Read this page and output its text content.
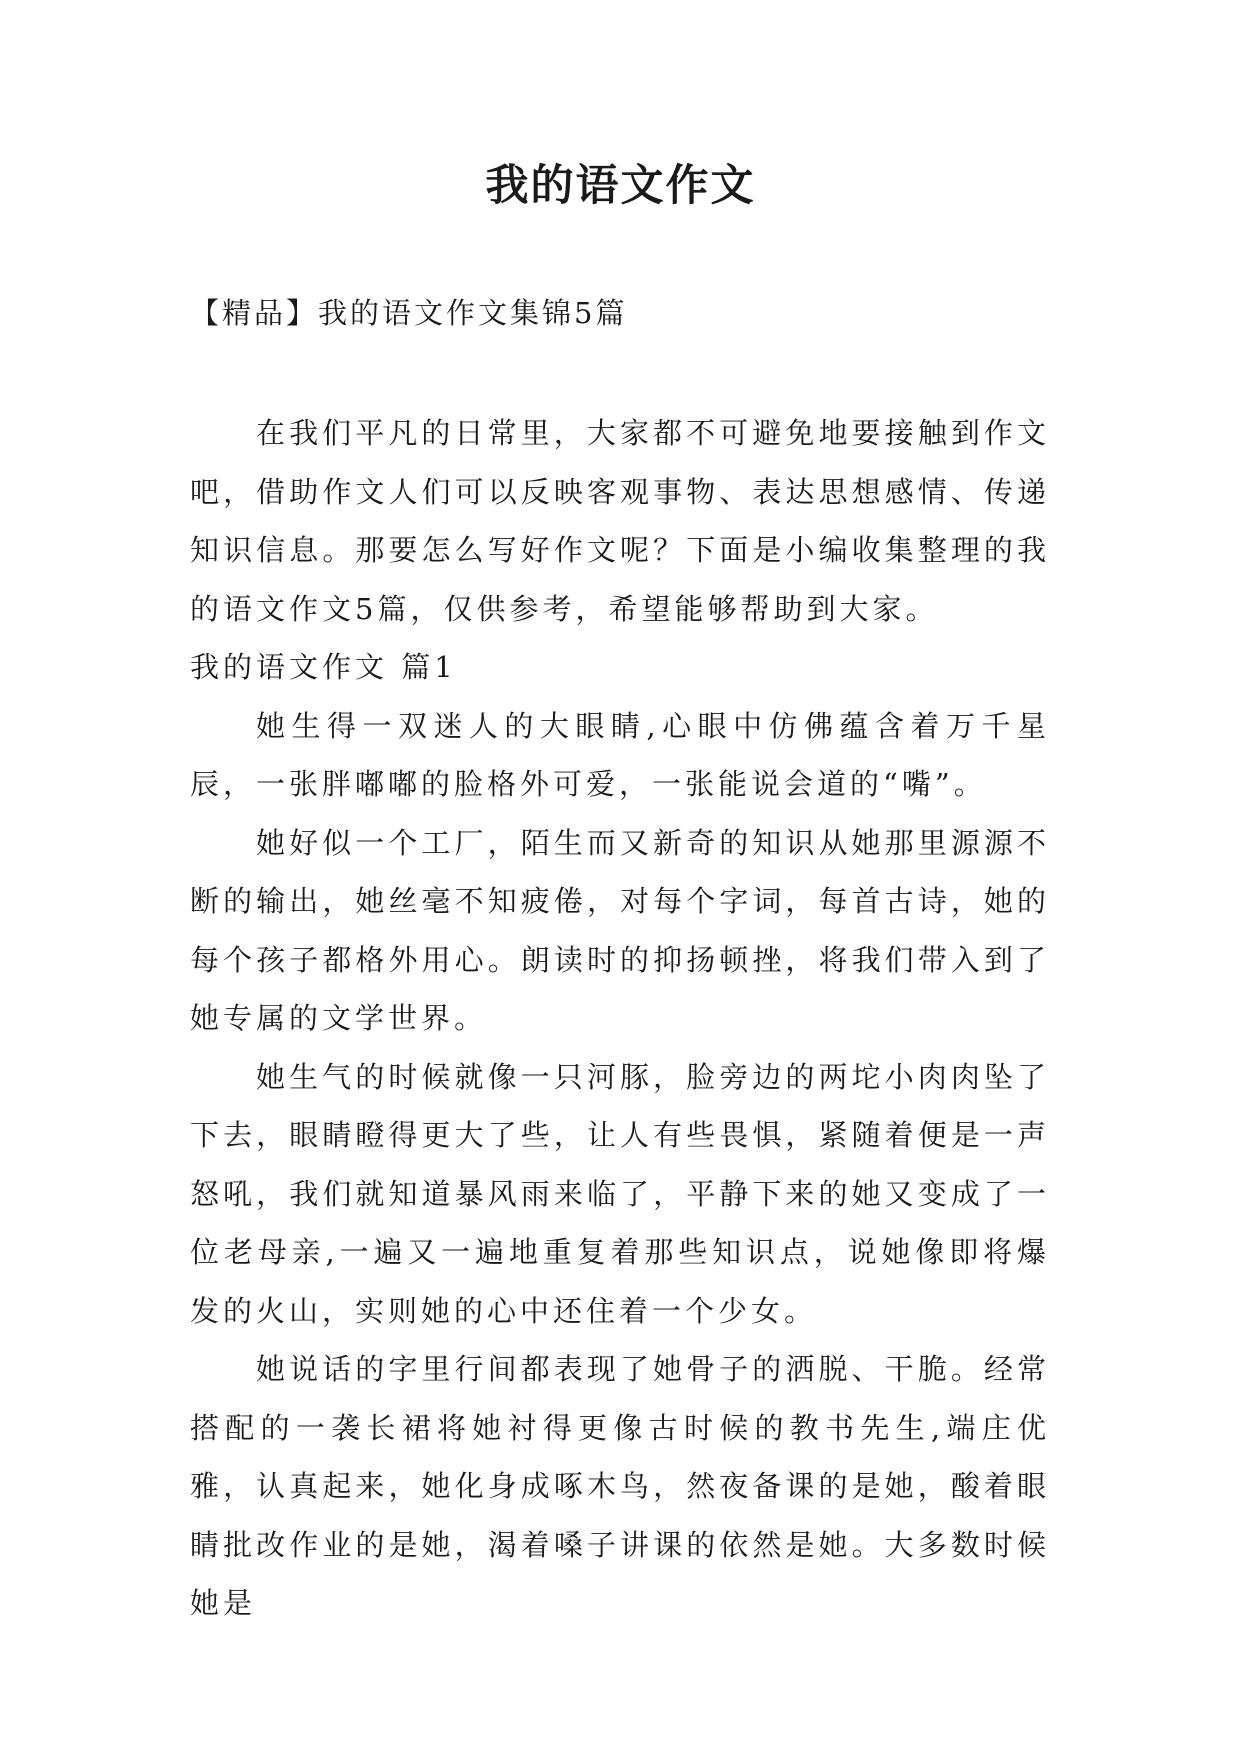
我的语文作文

【精品】我的语文作文集锦5篇

在我们平凡的日常里，大家都不可避免地要接触到作文吧，借助作文人们可以反映客观事物、表达思想感情、传递知识信息。那要怎么写好作文呢？下面是小编收集整理的我的语文作文5篇，仅供参考，希望能够帮助到大家。

我的语文作文 篇1

她生得一双迷人的大眼睛,心眼中仿佛蕴含着万千星辰，一张胖嘟嘟的脸格外可爱，一张能说会道的“嘴”。

她好似一个工厂，陌生而又新奇的知识从她那里源源不断的输出，她丝毫不知疲倦，对每个字词，每首古诗，她的每个孩子都格外用心。朗读时的抑扬顿挫，将我们带入到了她专属的文学世界。

她生气的时候就像一只河豚，脸旁边的两坨小肉肉坠了下去，眼睛瞪得更大了些，让人有些畏惧，紧随着便是一声怒吼，我们就知道暴风雨来临了，平静下来的她又变成了一位老母亲,一遍又一遍地重复着那些知识点，说她像即将爆发的火山，实则她的心中还住着一个少女。

她说话的字里行间都表现了她骨子的洒脱、干脆。经常搭配的一袭长裙将她衬得更像古时候的教书先生,端庄优雅，认真起来，她化身成啄木鸟，然夜备课的是她，酸着眼睛批改作业的是她，渴着嗓子讲课的依然是她。大多数时候她是
